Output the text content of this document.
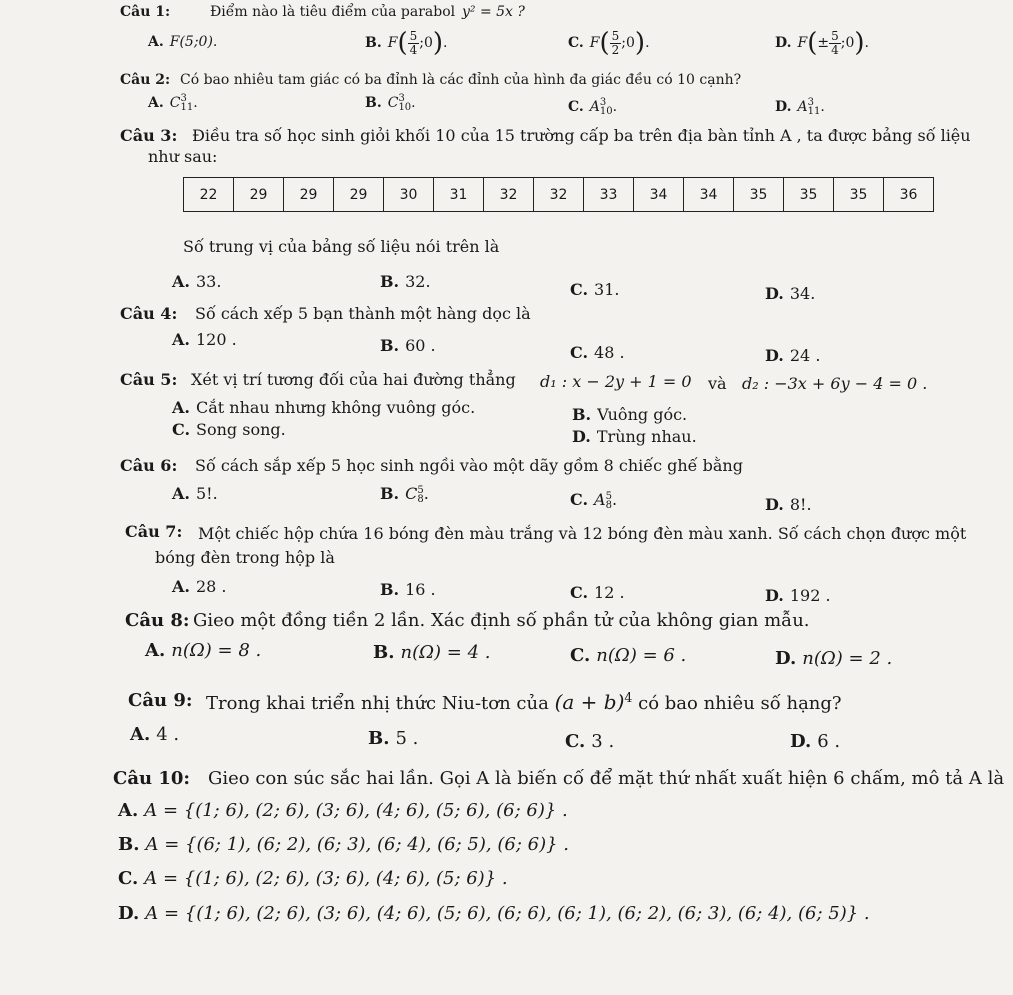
Câu 1:	Điểm nào là tiêu điểm của parabol y² = 5x ?
A. F(5;0).	B. $F( \frac{5}{4}$ ;0).	C. $F( \frac{5}{2}$ ;0).	D. $F(\pm \frac{5}{4}$ ;0).
Câu 2: Có bao nhiêu tam giác có ba đỉnh là các đỉnh của hình đa giác đều có 10 cạnh?
A. C 3
11 .	B. C 3
10 .	C. A 3
10 .	D. A 3
11 .
Câu 3: Điều tra số học sinh giỏi khối 10 của 15 trường cấp ba trên địa bàn tỉnh A , ta được bảng số liệu
như sau:
22	29	29	29	30	31	32	32	33	34	34	35	35	35	36
Số trung vị của bảng số liệu nói trên là
A. 33.	B. 32.	C. 31.	D. 34.
Câu 4: Số cách xếp 5 bạn thành một hàng dọc là
A. 120 .	B. 60 .	C. 48 .	D. 24 .
Câu 5: Xét vị trí tương đối của hai đường thẳng d₁ : x − 2y + 1 = 0 và d₂ : −3x + 6y − 4 = 0 .
A. Cắt nhau nhưng không vuông góc.	B. Vuông góc.
C. Song song.	D. Trùng nhau.
Câu 6: Số cách sắp xếp 5 học sinh ngồi vào một dãy gồm 8 chiếc ghế bằng
A. 5!.	B. C 5
8 .	C. A 5
8 .	D. 8!.
Câu 7: Một chiếc hộp chứa 16 bóng đèn màu trắng và 12 bóng đèn màu xanh. Số cách chọn được một
bóng đèn trong hộp là
A. 28 .	B. 16 .	C. 12 .	D. 192 .
Câu 8: Gieo một đồng tiền 2 lần. Xác định số phần tử của không gian mẫu.
A. n(Ω) = 8 .	B. n(Ω) = 4 .	C. n(Ω) = 6 .	D. n(Ω) = 2 .
Câu 9: Trong khai triển nhị thức Niu-tơn của $(a + b)^4$ có bao nhiêu số hạng?
A. 4 .	B. 5 .	C. 3 .	D. 6 .
Câu 10: Gieo con súc sắc hai lần. Gọi A là biến cố để mặt thứ nhất xuất hiện 6 chấm, mô tả A là
A. A = {(1; 6), (2; 6), (3; 6), (4; 6), (5; 6), (6; 6)} .
B. A = {(6; 1), (6; 2), (6; 3), (6; 4), (6; 5), (6; 6)} .
C. A = {(1; 6), (2; 6), (3; 6), (4; 6), (5; 6)} .
D. A = {(1; 6), (2; 6), (3; 6), (4; 6), (5; 6), (6; 6), (6; 1), (6; 2), (6; 3), (6; 4), (6; 5)} .
